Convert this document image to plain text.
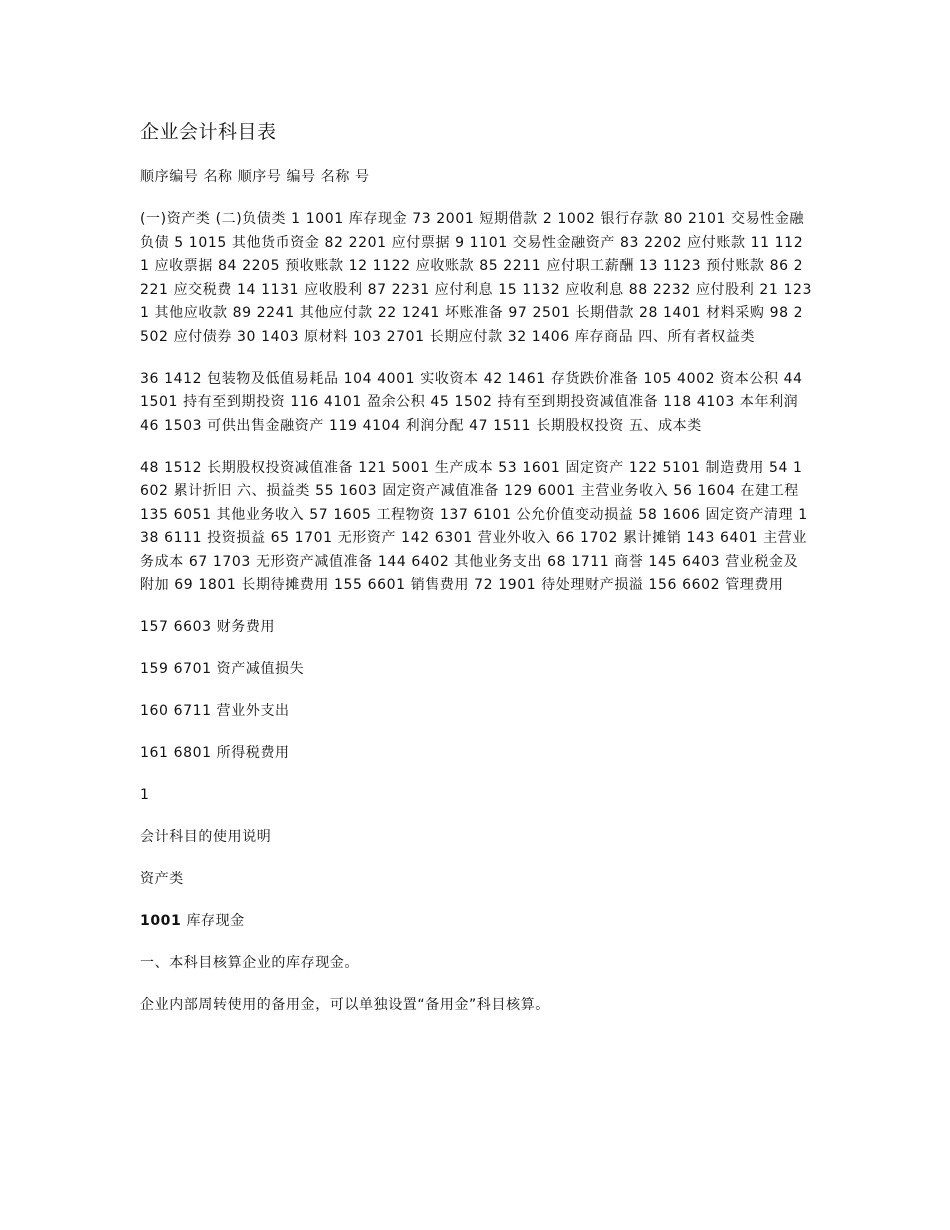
企业会计科目表
顺序编号 名称 顺序号 编号 名称 号
(一)资产类 (二)负债类 1 1001 库存现金 73 2001 短期借款 2 1002 银行存款 80 2101 交易性金融负债 5 1015 其他货币资金 82 2201 应付票据 9 1101 交易性金融资产 83 2202 应付账款 11 1121 应收票据 84 2205 预收账款 12 1122 应收账款 85 2211 应付职工薪酬 13 1123 预付账款 86 2221 应交税费 14 1131 应收股利 87 2231 应付利息 15 1132 应收利息 88 2232 应付股利 21 1231 其他应收款 89 2241 其他应付款 22 1241 坏账准备 97 2501 长期借款 28 1401 材料采购 98 2502 应付债券 30 1403 原材料 103 2701 长期应付款 32 1406 库存商品 四、所有者权益类
36 1412 包装物及低值易耗品 104 4001 实收资本 42 1461 存货跌价准备 105 4002 资本公积 44 1501 持有至到期投资 116 4101 盈余公积 45 1502 持有至到期投资减值准备 118 4103 本年利润 46 1503 可供出售金融资产 119 4104 利润分配 47 1511 长期股权投资 五、成本类
48 1512 长期股权投资减值准备 121 5001 生产成本 53 1601 固定资产 122 5101 制造费用 54 1602 累计折旧 六、损益类 55 1603 固定资产减值准备 129 6001 主营业务收入 56 1604 在建工程 135 6051 其他业务收入 57 1605 工程物资 137 6101 公允价值变动损益 58 1606 固定资产清理 138 6111 投资损益 65 1701 无形资产 142 6301 营业外收入 66 1702 累计摊销 143 6401 主营业务成本 67 1703 无形资产减值准备 144 6402 其他业务支出 68 1711 商誉 145 6403 营业税金及附加 69 1801 长期待摊费用 155 6601 销售费用 72 1901 待处理财产损溢 156 6602 管理费用
157 6603 财务费用
159 6701 资产减值损失
160 6711 营业外支出
161 6801 所得税费用
1
会计科目的使用说明
资产类
1001 库存现金
一、本科目核算企业的库存现金。
企业内部周转使用的备用金，可以单独设置“备用金”科目核算。
